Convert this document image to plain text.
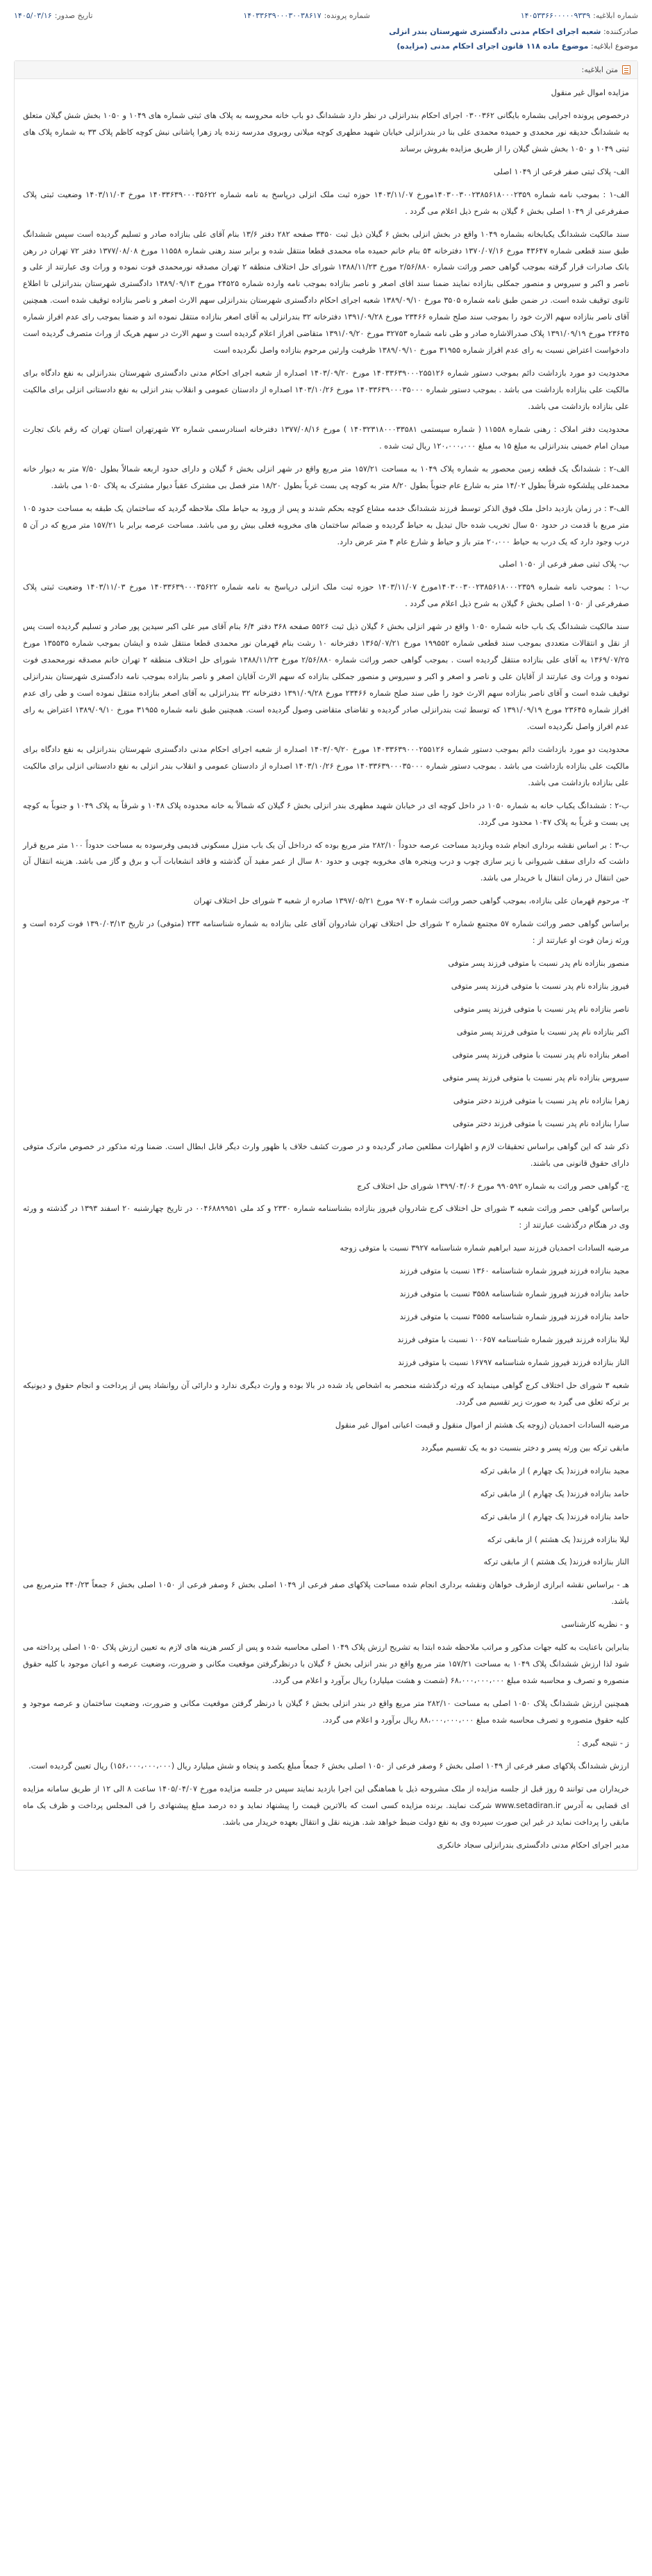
شماره ابلاغیه:
۱۴۰۵۳۳۶۶۰۰۰۰۰۹۳۳۹
شماره پرونده:
۱۴۰۳۳۶۳۹۰۰۰۳۰۰۳۸۶۱۷
تاریخ صدور:
۱۴۰۵/۰۳/۱۶
صادرکننده: شعبه اجرای احکام مدنی دادگستری شهرستان بندر انزلی
موضوع ابلاغیه: موضوع ماده ۱۱۸ قانون اجرای احکام مدنی (مزایده)
متن ابلاغیه:

مزایده اموال غیر منقول

درخصوص پرونده اجرایی بشماره بایگانی ۰۳۰۰۳۶۲ اجرای احکام بندرانزلی در نظر دارد ششدانگ دو باب خانه محروسه به پلاک های ثبتی شماره های ۱۰۴۹ و ۱۰۵۰ بخش شش گیلان متعلق به ششدانگ حدیقه نور محمدی و حمیده محمدی علی بنا در بندرانزلی خیابان شهید مطهری کوچه میلانی روبروی مدرسه زنده یاد زهرا پاشانی نبش کوچه کاظم پلاک ۳۳ به شماره پلاک های ثبتی ۱۰۴۹ و ۱۰۵۰ بخش شش گیلان را از طریق مزایده بفروش برساند

الف- پلاک ثبتی صفر فرعی از ۱۰۴۹ اصلی

الف-۱ : بموجب نامه شماره ۱۴۰۳۰۰۳۰۰۲۳۸۵۶۱۸۰۰۰۲۳۵۹مورخ ۱۴۰۳/۱۱/۰۷ حوزه ثبت ملک انزلی درپاسخ به نامه شماره ۱۴۰۳۳۶۳۹۰۰۰۳۵۶۲۲ مورخ ۱۴۰۳/۱۱/۰۳ وضعیت ثبتی پلاک صفرفرعی از ۱۰۴۹ اصلی بخش ۶ گیلان به شرح ذیل اعلام می گردد .

سند مالکیت ششدانگ یکبابخانه بشماره ۱۰۴۹ واقع در بخش انزلی بخش ۶ گیلان ذیل ثبت ۳۳۵۰ صفحه ۲۸۲ دفتر ۱۳/۶ بنام آقای علی بنازاده صادر و تسلیم گردیده است سپس ششدانگ طبق سند قطعی شماره ۴۳۶۴۷ مورخ ۱۳۷۰/۰۷/۱۶ دفترخانه ۵۴ بنام خانم حمیده ماه محمدی قطعا منتقل شده و برابر سند رهنی شماره ۱۱۵۵۸ مورخ ۱۳۷۷/۰۸/۰۸ دفتر ۷۲ تهران در رهن بانک صادرات قرار گرفته بموجب گواهی حصر وراثت شماره ۲/۵۶/۸۸۰ مورخ ۱۳۸۸/۱۱/۲۳ شورای حل اختلاف منطقه ۲ تهران مصدقه نورمحمدی فوت نموده و وراث وی عبارتند از علی و ناصر و اکبر و سیروس و منصور جمکلی بنازاده نمایند ضمنا سند اقای اصغر و ناصر بنازاده بموجب نامه وارده شماره ۲۴۵۲۵ مورخ ۱۳۸۹/۰۹/۱۳ دادگستری شهرستان بندرانزلی تا اطلاع ثانوی توقیف شده است. در ضمن طبق نامه شماره ۳۵۰۵ مورخ ۱۳۸۹/۰۹/۱۰ شعبه اجرای احکام دادگستری شهرستان بندرانزلی سهم الارث اصغر و ناصر بنازاده توقیف شده است. همچنین آقای ناصر بنازاده سهم الارث خود را بموجب سند صلح شماره ۲۳۴۶۶ مورخ ۱۳۹۱/۰۹/۲۸ دفترخانه ۳۲ بندرانزلی به آقای اصغر بنازاده منتقل نموده اند و ضمنا بموجب رای عدم افراز شماره ۲۳۶۴۵ مورخ ۱۳۹۱/۰۹/۱۹ پلاک صدرالاشاره صادر و طی نامه شماره ۳۲۷۵۳ مورخ ۱۳۹۱/۰۹/۲۰ متقاضی افراز اعلام گردیده است و سهم الارث در سهم هریک از وراث متصرف گردیده است دادخواست اعتراض نسبت به رای عدم افراز شماره ۳۱۹۵۵ مورخ ۱۳۸۹/۰۹/۱۰ ظرفیت وارثین مرحوم بنازاده واصل نگردیده است

محدودیت دو مورد بازداشت دائم بموجب دستور شماره ۱۴۰۳۳۶۳۹۰۰۰۲۵۵۱۲۶ مورخ ۱۴۰۳/۰۹/۲۰ اصداره از شعبه اجرای احکام مدنی دادگستری شهرستان بندرانزلی به نفع دادگاه برای مالکیت علی بنازاده بازداشت می باشد . بموجب دستور شماره ۱۴۰۳۳۶۳۹۰۰۰۳۵۰۰۰ مورخ ۱۴۰۳/۱۰/۲۶ اصداره از دادستان عمومی و انقلاب بندر انزلی به نفع دادستانی انزلی برای مالکیت علی بنازاده بازداشت می باشد.

محدودیت دفتر املاک : رهنی شماره ۱۱۵۵۸ ( شماره سیستمی ۱۴۰۳۲۳۱۸۰۰۰۳۳۵۸۱ ) مورخ ۱۳۷۷/۰۸/۱۶ دفترخانه اسنادرسمی شماره ۷۲ شهرتهران استان تهران که رقم بانک تجارت میدان امام خمینی بندرانزلی به مبلغ ۱۵ به مبلغ ۱۲۰،۰۰۰،۰۰۰ ریال ثبت شده .

الف-۲ : ششدانگ یک قطعه زمین محصور به شماره پلاک ۱۰۴۹ به مساحت ۱۵۷/۲۱ متر مربع واقع در شهر انزلی بخش ۶ گیلان و دارای حدود اربعه شمالاً بطول ۷/۵۰ متر به دیوار خانه محمدعلی پیلشکوه شرقاً بطول ۱۴/۰۲ متر به شارع عام جنوباً بطول ۸/۲۰ متر به کوچه پی بست غرباً بطول ۱۸/۲۰ متر فصل بی مشترک عقباً دیوار مشترک به پلاک ۱۰۵۰ می باشد.

الف-۳ : در زمان بازدید داخل ملک فوق الذکر توسط فرزند ششدانگ خدمه مشاع کوچه بحکم شدند و پس از ورود به حیاط ملک ملاحظه گردید که ساختمان یک طبقه به مساحت حدود ۱۰۵ متر مربع با قدمت در حدود ۵۰ سال تخریب شده حال تبدیل به حیاط گردیده و ضمائم ساختمان های مخروبه فعلی بیش رو می باشد. مساحت عرصه برابر با ۱۵۷/۲۱ متر مربع که در آن ۵ درب وجود دارد که یک درب به حیاط ۲۰،۰۰۰ متر باز و حیاط و شارع عام ۴ متر عرض دارد.

ب- پلاک ثبتی صفر فرعی از ۱۰۵۰ اصلی

ب-۱ : بموجب نامه شماره ۱۴۰۳۰۰۳۰۰۲۳۸۵۶۱۸۰۰۰۲۳۵۹مورخ ۱۴۰۳/۱۱/۰۷ حوزه ثبت ملک انزلی درپاسخ به نامه شماره ۱۴۰۳۳۶۳۹۰۰۰۳۵۶۲۲ مورخ ۱۴۰۳/۱۱/۰۳ وضعیت ثبتی پلاک صفرفرعی از ۱۰۵۰ اصلی بخش ۶ گیلان به شرح ذیل اعلام می گردد .

سند مالکیت ششدانگ یک باب خانه شماره ۱۰۵۰ واقع در شهر انزلی بخش ۶ گیلان ذیل ثبت ۵۵۲۶ صفحه ۳۶۸ دفتر ۶/۴ بنام آقای میر علی اکبر سیدین پور صادر و تسلیم گردیده است پس از نقل و انتقالات متعددی بموجب سند قطعی شماره ۱۹۹۵۵۲ مورخ ۱۳۶۵/۰۷/۲۱ دفترخانه ۱۰ رشت بنام قهرمان نور محمدی قطعا منتقل شده و ایشان بموجب شماره ۱۳۵۵۳۵ مورخ ۱۳۶۹/۰۷/۲۵ به آقای علی بنازاده منتقل گردیده است . بموجب گواهی حصر وراثت شماره ۲/۵۶/۸۸۰ مورخ ۱۳۸۸/۱۱/۲۳ شورای حل اختلاف منطقه ۲ تهران خانم مصدقه نورمحمدی فوت نموده و وراث وی عبارتند از آقایان علی و ناصر و اصغر و اکبر و سیروس و منصور جمکلی بنازاده که سهم الارث آقایان اصغر و ناصر بنازاده بموجب نامه دادگستری شهرستان بندرانزلی توقیف شده است و آقای ناصر بنازاده سهم الارث خود را طی سند صلح شماره ۲۳۴۶۶ مورخ ۱۳۹۱/۰۹/۲۸ دفترخانه ۳۲ بندرانزلی به آقای اصغر بنازاده منتقل نموده است و طی رای عدم افراز شماره ۲۳۶۴۵ مورخ ۱۳۹۱/۰۹/۱۹ که توسط ثبت بندرانزلی صادر گردیده و تقاضای متقاضی وصول گردیده است. همچنین طبق نامه شماره ۳۱۹۵۵ مورخ ۱۳۸۹/۰۹/۱۰ اعتراض به رای عدم افراز واصل نگردیده است.

محدودیت دو مورد بازداشت دائم بموجب دستور شماره ۱۴۰۳۳۶۳۹۰۰۰۲۵۵۱۲۶ مورخ ۱۴۰۳/۰۹/۲۰ اصداره از شعبه اجرای احکام مدنی دادگستری شهرستان بندرانزلی به نفع دادگاه برای مالکیت علی بنازاده بازداشت می باشد . بموجب دستور شماره ۱۴۰۳۳۶۳۹۰۰۰۳۵۰۰۰ مورخ ۱۴۰۳/۱۰/۲۶ اصداره از دادستان عمومی و انقلاب بندر انزلی به نفع دادستانی انزلی برای مالکیت علی بنازاده بازداشت می باشد.

ب-۲ : ششدانگ یکباب خانه به شماره ۱۰۵۰ در داخل کوچه ای در خیابان شهید مطهری بندر انزلی بخش ۶ گیلان که شمالاً به خانه محدوده پلاک ۱۰۴۸ و شرقاً به پلاک ۱۰۴۹ و جنوباً به کوچه پی بست و غرباً به پلاک ۱۰۴۷ محدود می گردد.

ب-۳ : بر اساس نقشه برداری انجام شده وبازدید مساحت عرصه حدوداً ۲۸۲/۱۰ متر مربع بوده که درداخل آن یک باب منزل مسکونی قدیمی وفرسوده به مساحت حدوداً ۱۰۰ متر مربع قرار داشت که دارای سقف شیروانی با زیر سازی چوب و درب وپنجره های مخروبه چوبی و حدود ۸۰ سال از عمر مفید آن گذشته و فاقد انشعابات آب و برق و گاز می باشد. هزینه انتقال آن حین انتقال در زمان انتقال با خریدار می باشد.

۲- مرحوم قهرمان علی بنازاده، بموجب گواهی حصر وراثت شماره ۹۷۰۴ مورخ ۱۳۹۷/۰۵/۲۱ صادره از شعبه ۳ شورای حل اختلاف تهران

براساس گواهی حصر وراثت شماره ۵۷ مجتمع شماره ۲ شورای حل اختلاف تهران شادروان آقای علی بنازاده به شماره شناسنامه ۲۳۳ (متوفی) در تاریخ ۱۳۹۰/۰۳/۱۳ فوت کرده است و ورثه زمان فوت او عبارتند از :

منصور بنازاده نام پدر نسبت با متوفی فرزند پسر متوفی

فیروز بنازاده نام پدر نسبت با متوفی فرزند پسر متوفی

ناصر بنازاده نام پدر نسبت با متوفی فرزند پسر متوفی

اکبر بنازاده نام پدر نسبت با متوفی فرزند پسر متوفی

اصغر بنازاده نام پدر نسبت با متوفی فرزند پسر متوفی

سیروس بنازاده نام پدر نسبت با متوفی فرزند پسر متوفی

زهرا بنازاده نام پدر نسبت با متوفی فرزند دختر متوفی

سارا بنازاده نام پدر نسبت با متوفی فرزند دختر متوفی

ذکر شد که این گواهی براساس تحقیقات لازم و اظهارات مطلعین صادر گردیده و در صورت کشف خلاف یا ظهور وارث دیگر قابل ابطال است. ضمنا ورثه مذکور در خصوص ماترک متوفی دارای حقوق قانونی می باشند.

ج- گواهی حصر وراثت به شماره ۹۹۰۵۹۲ مورخ ۱۳۹۹/۰۴/۰۶ شورای حل اختلاف کرج

براساس گواهی حصر وراثت شعبه ۳ شورای حل اختلاف کرج شادروان فیروز بنازاده بشناسنامه شماره ۲۳۳۰ و کد ملی ۰۰۴۶۸۸۹۹۵۱ در تاریخ چهارشنبه ۲۰ اسفند ۱۳۹۳ در گذشته و ورثه وی در هنگام درگذشت عبارتند از :

مرضیه السادات احمدیان فرزند سید ابراهیم شماره شناسنامه ۳۹۲۷ نسبت با متوفی زوجه

مجید بنازاده فرزند فیروز شماره شناسنامه ۱۳۶۰ نسبت با متوفی فرزند

حامد بنازاده فرزند فیروز شماره شناسنامه ۳۵۵۸ نسبت با متوفی فرزند

حامد بنازاده فرزند فیروز شماره شناسنامه ۳۵۵۵ نسبت با متوفی فرزند

لیلا بنازاده فرزند فیروز شماره شناسنامه ۱۰۰۶۵۷ نسبت با متوفی فرزند

الناز بنازاده فرزند فیروز شماره شناسنامه ۱۶۷۹۷ نسبت با متوفی فرزند

شعبه ۳ شورای حل اختلاف کرج گواهی مینماید که ورثه درگذشته منحصر به اشخاص یاد شده در بالا بوده و وارث دیگری ندارد و دارائی آن روانشاد پس از پرداخت و انجام حقوق و دیونیکه بر ترکه تعلق می گیرد به صورت زیر تقسیم می گردد.

مرضیه السادات احمدیان (زوجه یک هشتم از اموال منقول و قیمت اعیانی اموال غیر منقول

مابقی ترکه بین ورثه پسر و دختر بنسبت دو به یک تقسیم میگردد

مجید بنازاده فرزند( یک چهارم ) از مابقی ترکه

حامد بنازاده فرزند( یک چهارم ) از مابقی ترکه

حامد بنازاده فرزند( یک چهارم ) از مابقی ترکه

لیلا بنازاده فرزند( یک هشتم ) از مابقی ترکه

الناز بنازاده فرزند( یک هشتم ) از مابقی ترکه

هـ - براساس نقشه ابرازی ازطرف خواهان ونقشه برداری انجام شده مساحت پلاکهای صفر فرعی از ۱۰۴۹ اصلی بخش ۶ وصفر فرعی از ۱۰۵۰ اصلی بخش ۶ جمعاً ۴۴۰/۲۳ مترمربع می باشد.

و - نظریه کارشناسی

بنابراین باعنایت به کلیه جهات مذکور و مراتب ملاحظه شده ابتدا به تشریح ارزش پلاک ۱۰۴۹ اصلی محاسبه شده و پس از کسر هزینه های لازم به تعیین ارزش پلاک ۱۰۵۰ اصلی پرداخته می شود لذا ارزش ششدانگ پلاک ۱۰۴۹ به مساحت ۱۵۷/۲۱ متر مربع واقع در بندر انزلی بخش ۶ گیلان با درنظرگرفتن موقعیت مکانی و ضرورت، وضعیت عرصه و اعیان موجود با کلیه حقوق منصوره و تصرف و محاسبه شده مبلغ ۶۸،۰۰۰،۰۰۰،۰۰۰ (شصت و هشت میلیارد) ریال برآورد و اعلام می گردد.

همچنین ارزش ششدانگ پلاک ۱۰۵۰ اصلی به مساحت ۲۸۲/۱۰ متر مربع واقع در بندر انزلی بخش ۶ گیلان با درنظر گرفتن موقعیت مکانی و ضرورت، وضعیت ساختمان و عرصه موجود و کلیه حقوق متصوره و تصرف محاسبه شده مبلغ ۸۸،۰۰۰،۰۰۰،۰۰۰ ریال برآورد و اعلام می گردد.

ز - نتیجه گیری :

ارزش ششدانگ پلاکهای صفر فرعی از ۱۰۴۹ اصلی بخش ۶ وصفر فرعی از ۱۰۵۰ اصلی بخش ۶ جمعاً مبلغ یکصد و پنجاه و شش میلیارد ریال (۱۵۶،۰۰۰،۰۰۰،۰۰۰) ریال تعیین گردیده است.

خریداران می توانند ۵ روز قبل از جلسه مزایده از ملک مشروحه ذیل با هماهنگی این اجرا بازدید نمایند سپس در جلسه مزایده مورخ ۱۴۰۵/۰۴/۰۷ ساعت ۸ الی ۱۲ از طریق سامانه مزایده ای قضایی به آدرس www.setadiran.ir شرکت نمایند. برنده مزایده کسی است که بالاترین قیمت را پیشنهاد نماید و ده درصد مبلغ پیشنهادی را فی المجلس پرداخت و ظرف یک ماه مابقی را پرداخت نماید در غیر این صورت سپرده وی به نفع دولت ضبط خواهد شد. هزینه نقل و انتقال بعهده خریدار می باشد.

مدیر اجرای احکام مدنی دادگستری بندرانزلی سجاد خانکری
